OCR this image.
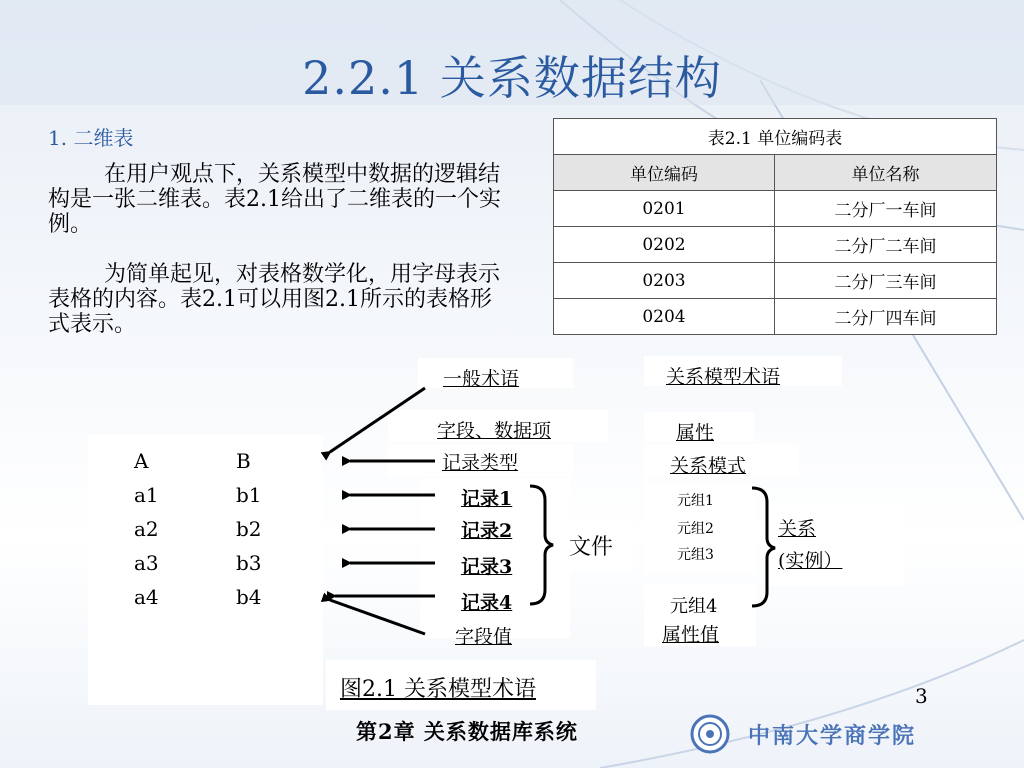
2.2.1 关系数据结构
1. 二维表
在用户观点下，关系模型中数据的逻辑结构是一张二维表。表2.1给出了二维表的一个实例。
为简单起见，对表格数学化，用字母表示表格的内容。表2.1可以用图2.1所示的表格形式表示。
表2.1 单位编码表	
单位编码	单位名称
0201	二分厂一车间
0202	二分厂二车间
0203	二分厂三车间
0204	二分厂四车间
A	B
a1	b1
a2	b2
a3	b3
a4	b4
一般术语	关系模型术语
字段、数据项	属性
记录类型	关系模式
记录1
记录2
记录3
记录4
文件
字段值
元组1
元组2
元组3
元组4
关系
(实例）
属性值
图2.1 关系模型术语	3
第2章 关系数据库系统	中南大学商学院
